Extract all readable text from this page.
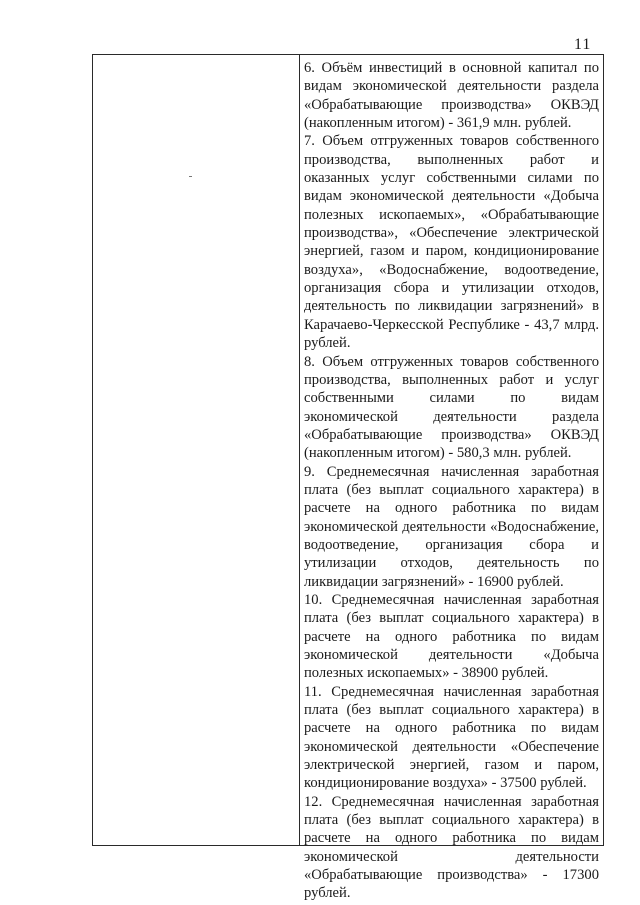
11

6. Объём инвестиций в основной капитал по видам экономической деятельности раздела «Обрабатывающие производства» ОКВЭД (накопленным итогом) - 361,9 млн. рублей.

7. Объем отгруженных товаров собственного производства, выполненных работ и оказанных услуг собственными силами по видам экономической деятельности «Добыча полезных ископаемых», «Обрабатывающие производства», «Обеспечение электрической энергией, газом и паром, кондиционирование воздуха», «Водоснабжение, водоотведение, организация сбора и утилизации отходов, деятельность по ликвидации загрязнений» в Карачаево-Черкесской Республике - 43,7 млрд. рублей.

8. Объем отгруженных товаров собственного производства, выполненных работ и услуг собственными силами по видам экономической деятельности раздела «Обрабатывающие производства» ОКВЭД (накопленным итогом) - 580,3 млн. рублей.

9. Среднемесячная начисленная заработная плата (без выплат социального характера) в расчете на одного работника по видам экономической деятельности «Водоснабжение, водоотведение, организация сбора и утилизации отходов, деятельность по ликвидации загрязнений» - 16900 рублей.

10. Среднемесячная начисленная заработная плата (без выплат социального характера) в расчете на одного работника по видам экономической деятельности «Добыча полезных ископаемых» - 38900 рублей.

11. Среднемесячная начисленная заработная плата (без выплат социального характера) в расчете на одного работника по видам экономической деятельности «Обеспечение электрической энергией, газом и паром, кондиционирование воздуха» - 37500 рублей.

12. Среднемесячная начисленная заработная плата (без выплат социального характера) в расчете на одного работника по видам экономической деятельности «Обрабатывающие производства» - 17300 рублей.
